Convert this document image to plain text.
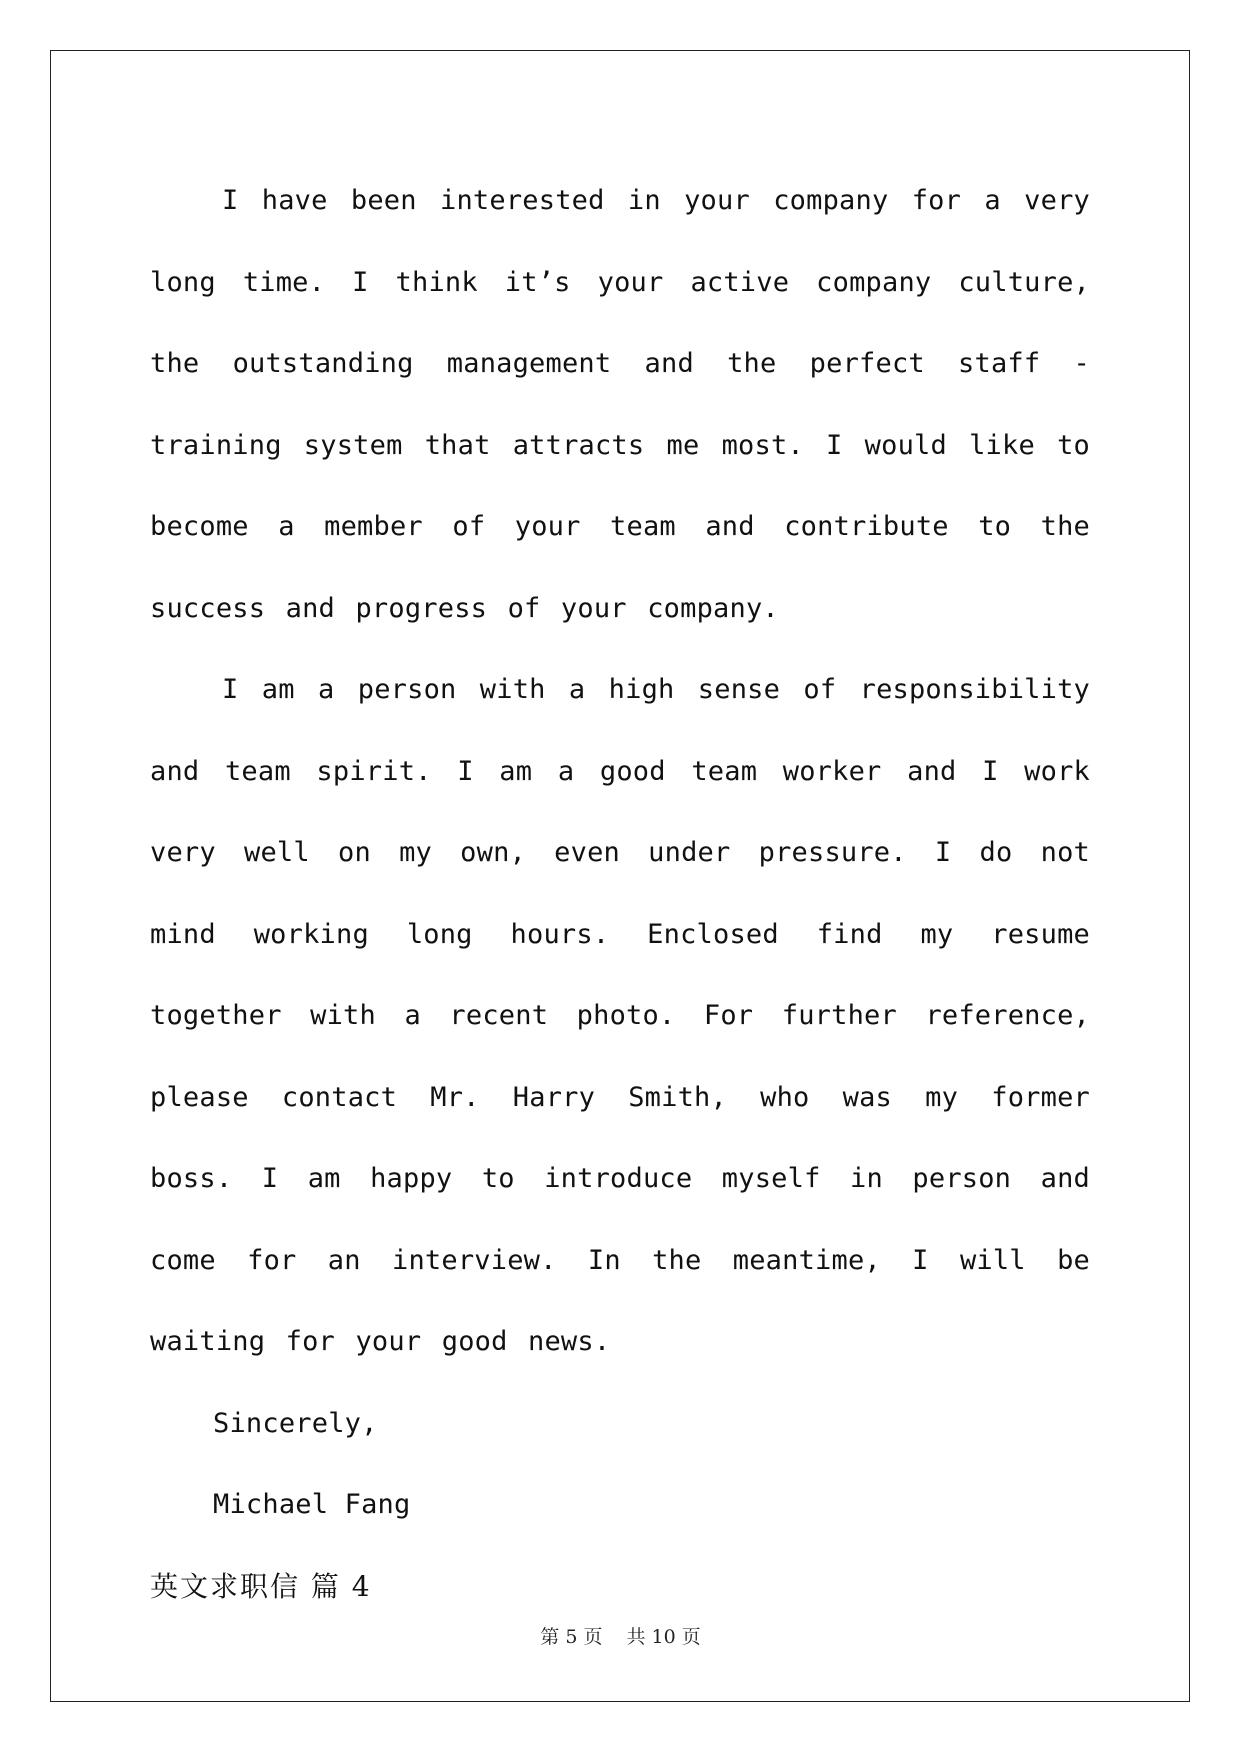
I have been interested in your company for a very long time. I think it’s your active company culture, the outstanding management and the perfect staff -training system that attracts me most. I would like to become a member of your team and contribute to the success and progress of your company.

I am a person with a high sense of responsibility and team spirit. I am a good team worker and I work very well on my own, even under pressure. I do not mind working long hours. Enclosed find my resume together with a recent photo. For further reference, please contact Mr. Harry Smith, who was my former boss. I am happy to introduce myself in person and come for an interview. In the meantime, I will be waiting for your good news.

Sincerely,

Michael Fang

英文求职信 篇 4

第 5 页 共 10 页
